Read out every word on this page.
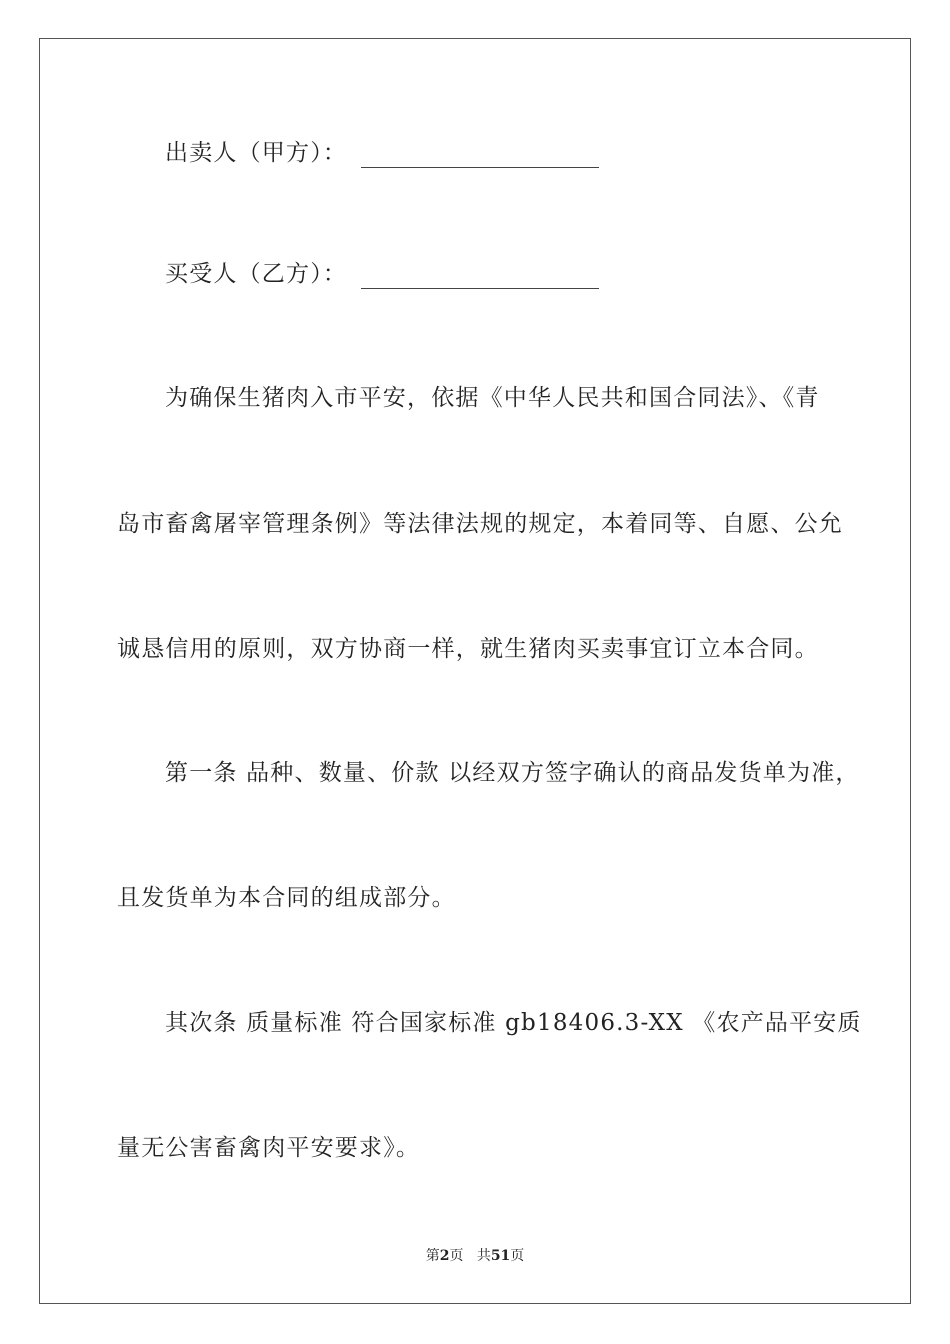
出卖人（甲方）：
买受人（乙方）：
为确保生猪肉入市平安，依据《中华人民共和国合同法》、《青
岛市畜禽屠宰管理条例》等法律法规的规定，本着同等、自愿、公允
诚恳信用的原则，双方协商一样，就生猪肉买卖事宜订立本合同。
第一条 品种、数量、价款 以经双方签字确认的商品发货单为准，
且发货单为本合同的组成部分。
其次条 质量标准 符合国家标准 gb18406.3-XX 《农产品平安质
量无公害畜禽肉平安要求》。
第2页 共51页
